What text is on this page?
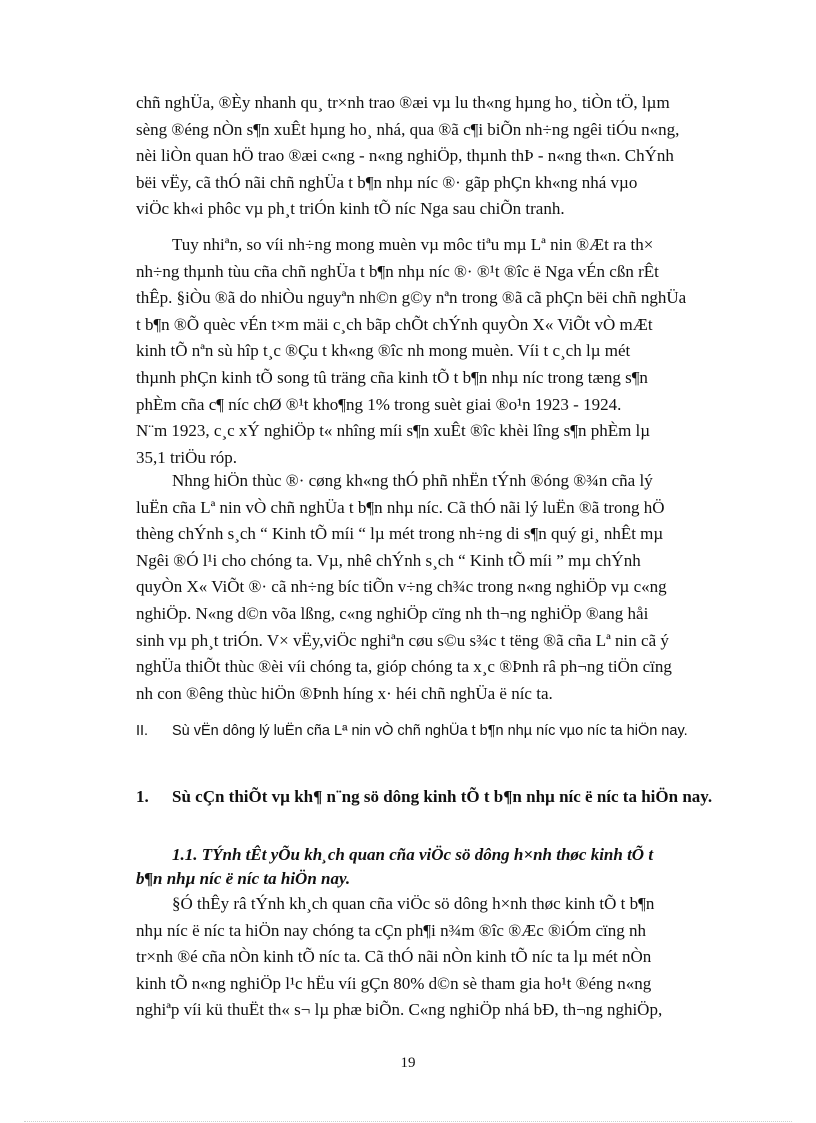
chñ nghÜa, ®Èy nhanh qu¸ tr×nh trao ®æi vµ lu th«ng hµng ho¸ tiÒn tÖ, lµm
sèng ®éng nÒn s¶n xuÊt hµng ho¸ nhá, qua ®ã c¶i biÕn nh÷ng ngêi tiÓu n«ng,
nèi liÒn quan hÖ trao ®æi c«ng - n«ng nghiÖp, thµnh thÞ - n«ng th«n. ChÝnh
bëi vËy, cã thÓ nãi chñ nghÜa t b¶n nhµ níc ®· gãp phÇn kh«ng nhá vµo
viÖc kh«i phôc vµ ph¸t triÓn kinh tÕ níc Nga sau chiÕn tranh.
Tuy nhiªn, so víi nh÷ng mong muèn vµ môc tiªu mµ Lª nin ®Æt ra th×
nh÷ng thµnh tùu cña chñ nghÜa t b¶n nhµ níc ®· ®¹t ®îc ë Nga vÉn cßn rÊt
thÊp. §iÒu ®ã do nhiÒu nguyªn nh©n g©y nªn trong ®ã cã phÇn bëi chñ nghÜa
t b¶n ®Õ quèc vÉn t×m mäi c¸ch bãp chÕt chÝnh quyÒn X« ViÕt vÒ mÆt
kinh tÕ nªn sù hîp t¸c ®Çu t kh«ng ®îc nh mong muèn. Víi t c¸ch lµ mét
thµnh phÇn kinh tÕ song tû träng cña kinh tÕ t b¶n nhµ níc trong tæng s¶n
phÈm cña c¶ níc chØ ®¹t kho¶ng 1% trong suèt giai ®o¹n 1923 - 1924.
N¨m 1923, c¸c xÝ nghiÖp t« nhîng míi s¶n xuÊt ®îc khèi lîng s¶n phÈm lµ
35,1 triÖu róp.
Nhng hiÖn thùc ®· cøng kh«ng thÓ phñ nhËn tÝnh ®óng ®¾n cña lý
luËn cña Lª nin vÒ chñ nghÜa t b¶n nhµ níc. Cã thÓ nãi lý luËn ®ã trong hÖ
thèng chÝnh s¸ch “ Kinh tÕ míi “ lµ mét trong nh÷ng di s¶n quý gi¸ nhÊt mµ
Ngêi ®Ó l¹i cho chóng ta. Vµ, nhê chÝnh s¸ch “ Kinh tÕ míi ” mµ chÝnh
quyÒn X« ViÕt ®· cã nh÷ng bíc tiÕn v÷ng ch¾c trong n«ng nghiÖp vµ c«ng
nghiÖp. N«ng d©n võa lßng, c«ng nghiÖp cïng nh th¬ng nghiÖp ®ang håi
sinh vµ ph¸t triÓn. V× vËy,viÖc nghiªn cøu s©u s¾c t tëng ®ã cña Lª nin cã ý
nghÜa thiÕt thùc ®èi víi chóng ta, gióp chóng ta x¸c ®Þnh râ ph¬ng tiÖn cïng
nh con ®êng thùc hiÖn ®Þnh híng x· héi chñ nghÜa ë níc ta.
II. Sù vËn dông lý luËn cña Lª nin vÒ chñ nghÜa t b¶n nhµ níc vµo níc ta hiÖn nay.
1. Sù cÇn thiÕt vµ kh¶ n¨ng sö dông kinh tÕ t b¶n nhµ níc ë níc ta hiÖn nay.
1.1. TÝnh tÊt yÕu kh¸ch quan cña viÖc sö dông h×nh thøc kinh tÕ t
b¶n nhµ níc ë níc ta hiÖn nay.
§Ó thÊy râ tÝnh kh¸ch quan cña viÖc sö dông h×nh thøc kinh tÕ t b¶n
nhµ níc ë níc ta hiÖn nay chóng ta cÇn ph¶i n¾m ®îc ®Æc ®iÓm cïng nh
tr×nh ®é cña nÒn kinh tÕ níc ta. Cã thÓ nãi nÒn kinh tÕ níc ta lµ mét nÒn
kinh tÕ n«ng nghiÖp l¹c hËu víi gÇn 80% d©n sè tham gia ho¹t ®éng n«ng
nghiªp víi kü thuËt th« s¬ lµ phæ biÕn. C«ng nghiÖp nhá bÐ, th¬ng nghiÖp,
19
